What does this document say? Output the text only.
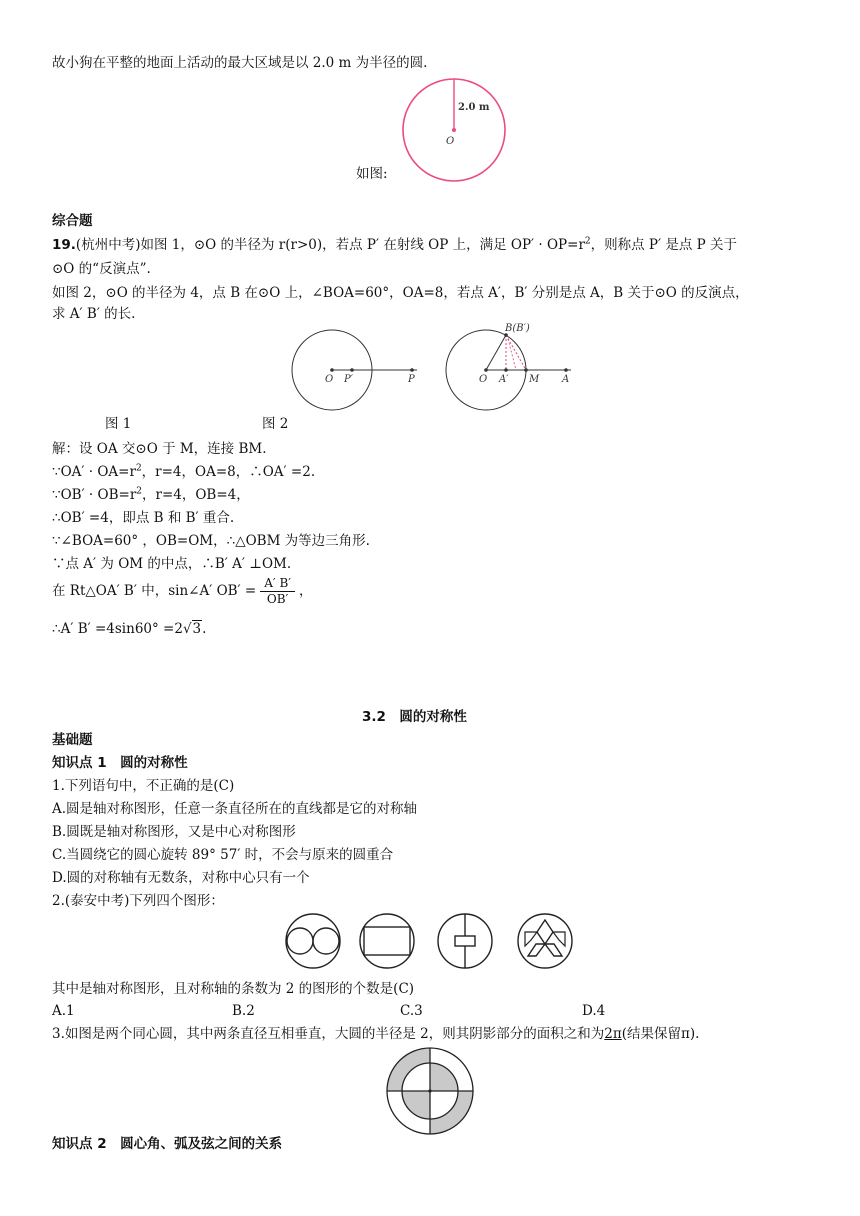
故小狗在平整的地面上活动的最大区域是以 2.0 m 为半径的圆.
2.0 m
O
如图:
综合题
19.(杭州中考)如图 1，⊙O 的半径为 r(r>0)，若点 P′ 在射线 OP 上，满足 $OP' \cdot OP=r^2$，则称点 P′ 是点 P 关于
⊙O 的“反演点”.
如图 2，⊙O 的半径为 4，点 B 在⊙O 上，∠BOA=60°，OA=8，若点 A′，B′ 分别是点 A，B 关于⊙O 的反演点，
求 A′ B′ 的长.
O P′	P
B(B′)
O A′ M A
图 1	图 2
解：设 OA 交⊙O 于 M，连接 BM.
∵OA′ · $OA=r^2$，r=4，OA=8，∴OA′ =2.
∵OB′ · $OB=r^2$，r=4，OB=4，
∴OB′ =4，即点 B 和 B′ 重合.
∵∠BOA=60° ，OB=OM，∴△OBM 为等边三角形.
∵点 A′ 为 OM 的中点，∴B′ A′ ⊥OM.
在 Rt△OA′ B′ 中，sin∠A′ $OB' = \frac{A' B'}{OB'}$ ，
∴A′ B′ =4sin60° =2√3.
3.2　圆的对称性
基础题
知识点 1　圆的对称性
1.下列语句中，不正确的是(C)
A.圆是轴对称图形，任意一条直径所在的直线都是它的对称轴
B.圆既是轴对称图形，又是中心对称图形
C.当圆绕它的圆心旋转 89° 57′ 时，不会与原来的圆重合
D.圆的对称轴有无数条，对称中心只有一个
2.(泰安中考)下列四个图形：
其中是轴对称图形，且对称轴的条数为 2 的图形的个数是(C)
A.1	B.2	C.3	D.4
3.如图是两个同心圆，其中两条直径互相垂直，大圆的半径是 2，则其阴影部分的面积之和为2π(结果保留π).
知识点 2　圆心角、弧及弦之间的关系
